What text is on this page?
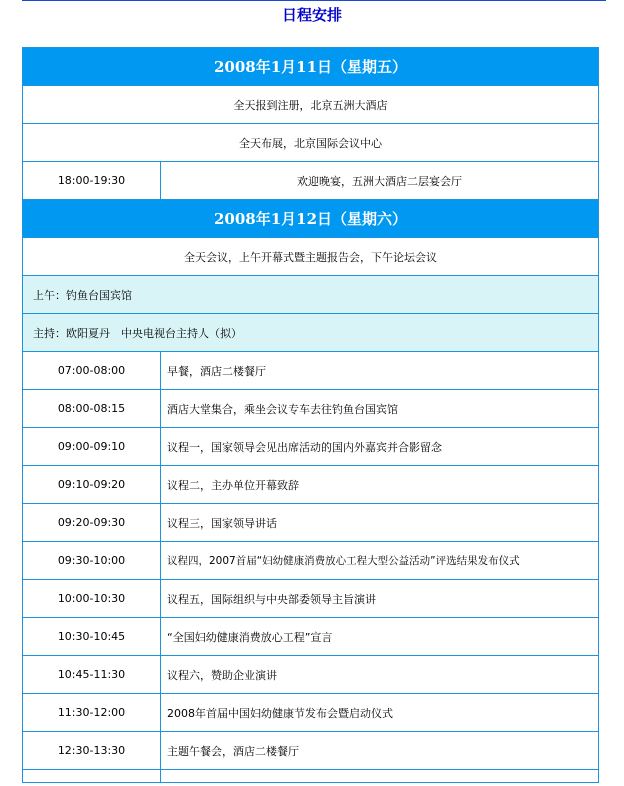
日程安排
2008年1月11日（星期五）	
全天报到注册，北京五洲大酒店	
全天布展，北京国际会议中心	
18:00-19:30	欢迎晚宴，五洲大酒店二层宴会厅
2008年1月12日（星期六）	
全天会议，上午开幕式暨主题报告会，下午论坛会议	
上午：钓鱼台国宾馆	
主持：欧阳夏丹　中央电视台主持人（拟）	
07:00-08:00	早餐，酒店二楼餐厅
08:00-08:15	酒店大堂集合，乘坐会议专车去往钓鱼台国宾馆
09:00-09:10	议程一，国家领导会见出席活动的国内外嘉宾并合影留念
09:10-09:20	议程二，主办单位开幕致辞
09:20-09:30	议程三，国家领导讲话
09:30-10:00	议程四，2007首届“妇幼健康消费放心工程大型公益活动”评选结果发布仪式
10:00-10:30	议程五，国际组织与中央部委领导主旨演讲
10:30-10:45	“全国妇幼健康消费放心工程”宣言
10:45-11:30	议程六，赞助企业演讲
11:30-12:00	2008年首届中国妇幼健康节发布会暨启动仪式
12:30-13:30	主题午餐会，酒店二楼餐厅
